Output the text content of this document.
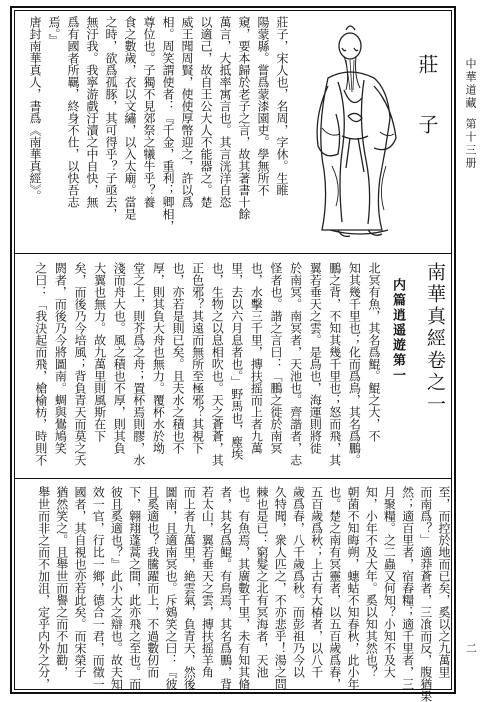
中華道藏
第十三册
二
莊　子
莊子，宋人也，名周，字休。生睢
陽蒙縣。嘗爲蒙漆園吏。學無所不
窺，要本歸於老子之言，故其著書十餘
萬言，大抵率寓言也。其言洸洋自恣
以適己，故自王公大人不能器之。楚
威王聞周賢，使使厚幣迎之，許以爲
相。周笑謂使者：『千金，重利；卿相，
尊位也。子獨不見郊祭之犧牛乎？養
食之數歲，衣以文繡，以入太廟。當是
之時，欲爲孤豚，其可得乎？子亟去，
無汙我。我寧游戲汙瀆之中自快，無
爲有國者所羈，終身不仕，以快吾志
焉。』
唐封南華真人，書爲《南華真經》。
南華真經卷之一
内篇逍遥遊第一
北冥有魚，其名爲鯤。鯤之大，不
知其幾千里也；化而爲鳥，其名爲鵬。
鵬之背，不知其幾千里也；怒而飛，其
翼若垂天之雲。是鳥也，海運則將徙
於南冥。南冥者，天池也。齊諧者，志
怪者也。諧之言曰：「鵬之徙於南冥
也，水擊三千里，摶扶摇而上者九萬
里，去以六月息者也。」野馬也，塵埃
也，生物之以息相吹也。天之蒼蒼，其
正色邪？其遠而無所至極邪？其視下
也，亦若是則已矣。且夫水之積也不
厚，則其負大舟也無力。覆杯水於坳
堂之上，則芥爲之舟；置杯焉則膠，水
淺而舟大也。風之積也不厚，則其負
大翼也無力。故九萬里則風斯在下
矣，而後乃今培風；背負青天而莫之夭
閼者，而後乃今將圖南。蜩與鷽鳩笑
之曰：「我決起而飛，槍榆枋，時則不
至，而控於地而已矣，奚以之九萬里
而南爲？」適莽蒼者，三飡而反，腹猶果
然；適百里者，宿舂糧；適千里者，三
月聚糧。之二蟲又何知？小知不及大
知，小年不及大年。奚以知其然也？
朝菌不知晦朔，蟪蛄不知春秋，此小年
也。楚之南有冥靈者，以五百歲爲春，
五百歲爲秋；上古有大椿者，以八千
歲爲春，八千歲爲秋。而彭祖乃今以
久特聞，衆人匹之，不亦悲乎！湯之問
棘也是已：窮髮之北有冥海者，天池
也。有魚焉，其廣數千里，未有知其脩
者，其名爲鯤。有鳥焉，其名爲鵬，背
若太山，翼若垂天之雲，摶扶摇羊角
而上者九萬里，絶雲氣，負青天，然後
圖南，且適南冥也。斥鴳笑之曰：『彼
且奚適也？我騰躍而上，不過數仞而
下，翱翔蓬蒿之間，此亦飛之至也。而
彼且奚適也？』此小大之辯也。故夫知
效一官，行比一鄉，德合一君，而徵一
國者，其自視也亦若此矣。而宋榮子
猶然笑之。且舉世而譽之而不加勸，
舉世而非之而不加沮，定乎内外之分，
